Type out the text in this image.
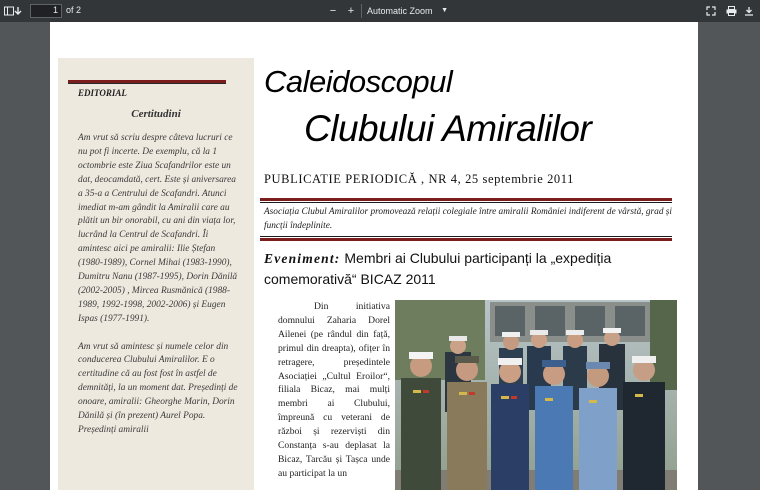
1 of 2	− +	Automatic Zoom ▼
EDITORIAL
Certitudini

Am vrut să scriu despre câteva lucruri ce nu pot fi incerte. De exemplu, că la 1 octombrie este Ziua Scafandrilor este un dat, deocamdată, cert. Este și aniversarea a 35-a a Centrului de Scafandri. Atunci imediat m-am gândit la Amiralii care au plătit un bir onorabil, cu ani din viața lor, lucrând la Centrul de Scafandri. Îi amintesc aici pe amiralii: Ilie Ștefan (1980-1989), Cornel Mihai (1983-1990), Dumitru Nanu (1987-1995), Dorin Dănilă (2002-2005) , Mircea Rusmănică (1988-1989, 1992-1998, 2002-2006) și Eugen Ispas (1977-1991).

Am vrut să amintesc și numele celor din conducerea Clubului Amiralilor. E o certitudine că au fost fost în astfel de demnități, la un moment dat. Președinți de onoare, amiralii: Gheorghe Marin, Dorin Dănilă și (în prezent) Aurel Popa. Președinți amiralii

Caleidoscopul
Clubului Amiralilor
PUBLICATIE PERIODICĂ , NR 4, 25 septembrie 2011
Asociația Clubul Amiralilor promovează relații colegiale între amiralii României indiferent de vârstă, grad și funcții îndeplinite.
Eveniment: Membri ai Clubului participanți la „expediția comemorativă“ BICAZ 2011
Din initiativa domnului Zaharia Dorel Ailenei (pe rândul din față, primul din dreapta), ofițer în retragere, președintele Asociației „Cultul Eroilor“, filiala Bicaz, mai mulți membri ai Clubului, împreună cu veterani de război și rezerviști din Constanța s-au deplasat la Bicaz, Tarcău și Tașca unde au participat la un
